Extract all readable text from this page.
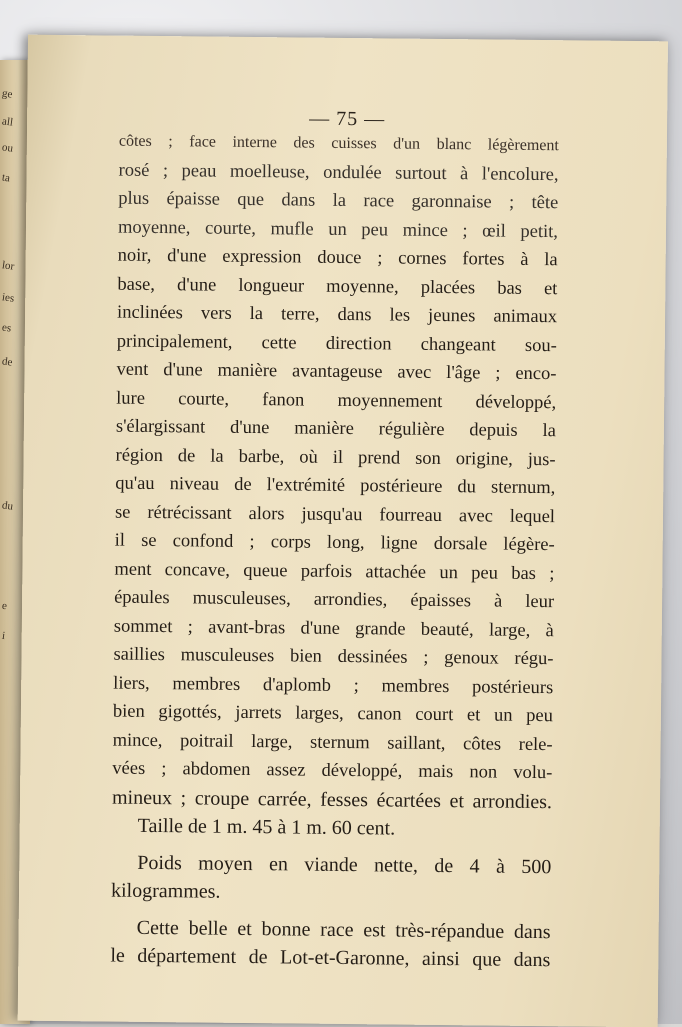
ge
all
ou
ta
lor
ies
es
de
du
e
i
— 75 —
côtes ; face interne des cuisses d'un blanc légèrement
rosé ; peau moelleuse, ondulée surtout à l'encolure,
plus épaisse que dans la race garonnaise ; tête
moyenne, courte, mufle un peu mince ; œil petit,
noir, d'une expression douce ; cornes fortes à la
base, d'une longueur moyenne, placées bas et
inclinées vers la terre, dans les jeunes animaux
principalement, cette direction changeant sou-
vent d'une manière avantageuse avec l'âge ; enco-
lure courte, fanon moyennement développé,
s'élargissant d'une manière régulière depuis la
région de la barbe, où il prend son origine, jus-
qu'au niveau de l'extrémité postérieure du sternum,
se rétrécissant alors jusqu'au fourreau avec lequel
il se confond ; corps long, ligne dorsale légère-
ment concave, queue parfois attachée un peu bas ;
épaules musculeuses, arrondies, épaisses à leur
sommet ; avant-bras d'une grande beauté, large, à
saillies musculeuses bien dessinées ; genoux régu-
liers, membres d'aplomb ; membres postérieurs
bien gigottés, jarrets larges, canon court et un peu
mince, poitrail large, sternum saillant, côtes rele-
vées ; abdomen assez développé, mais non volu-
mineux ; croupe carrée, fesses écartées et arrondies.
Taille de 1 m. 45 à 1 m. 60 cent.
Poids moyen en viande nette, de 4 à 500
kilogrammes.
Cette belle et bonne race est très-répandue dans
le département de Lot-et-Garonne, ainsi que dans
